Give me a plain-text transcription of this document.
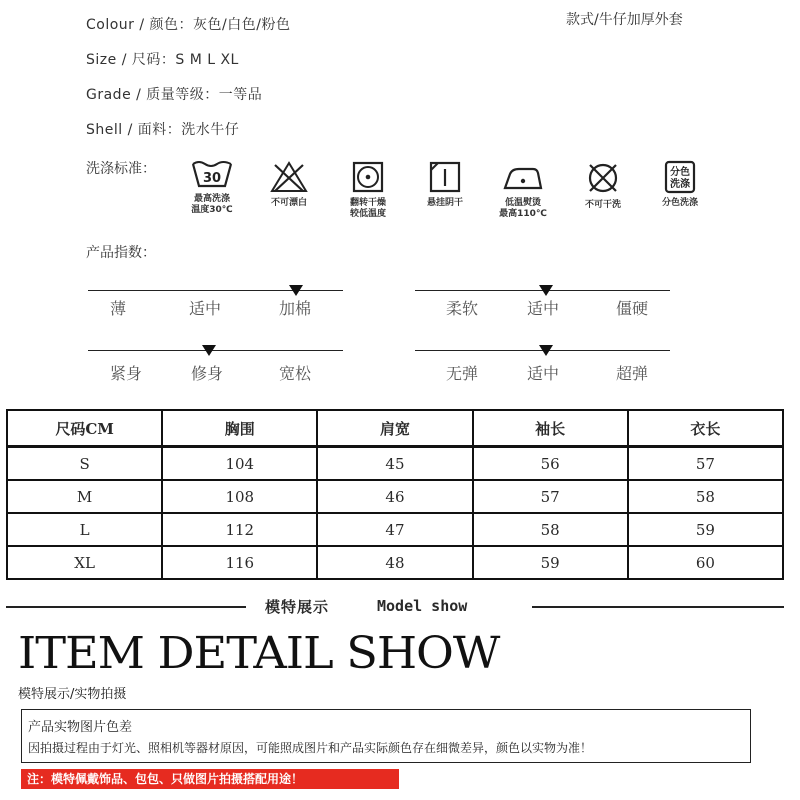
Colour / 颜色：灰色/白色/粉色
Size / 尺码：S M L XL
Grade / 质量等级：一等品
Shell / 面料：洗水牛仔
款式/牛仔加厚外套
洗涤标准：
30
最高洗涤
温度30℃
不可漂白	翻转干燥
较低温度
悬挂阴干	低温熨烫
最高110℃
不可干洗
分色
洗涤
分色洗涤
产品指数：
薄	适中	加棉	柔软	适中	僵硬
紧身	修身	宽松	无弹	适中	超弹
尺码CM	胸围	肩宽	袖长	衣长
S	104	45	56	57
M	108	46	57	58
L	112	47	58	59
XL	116	48	59	60
模特展示	Model show
ITEM DETAIL SHOW
模特展示/实物拍摄
产品实物图片色差
因拍摄过程由于灯光、照相机等器材原因，可能照成图片和产品实际颜色存在细微差异，颜色以实物为准！
注：模特佩戴饰品、包包、只做图片拍摄搭配用途！
